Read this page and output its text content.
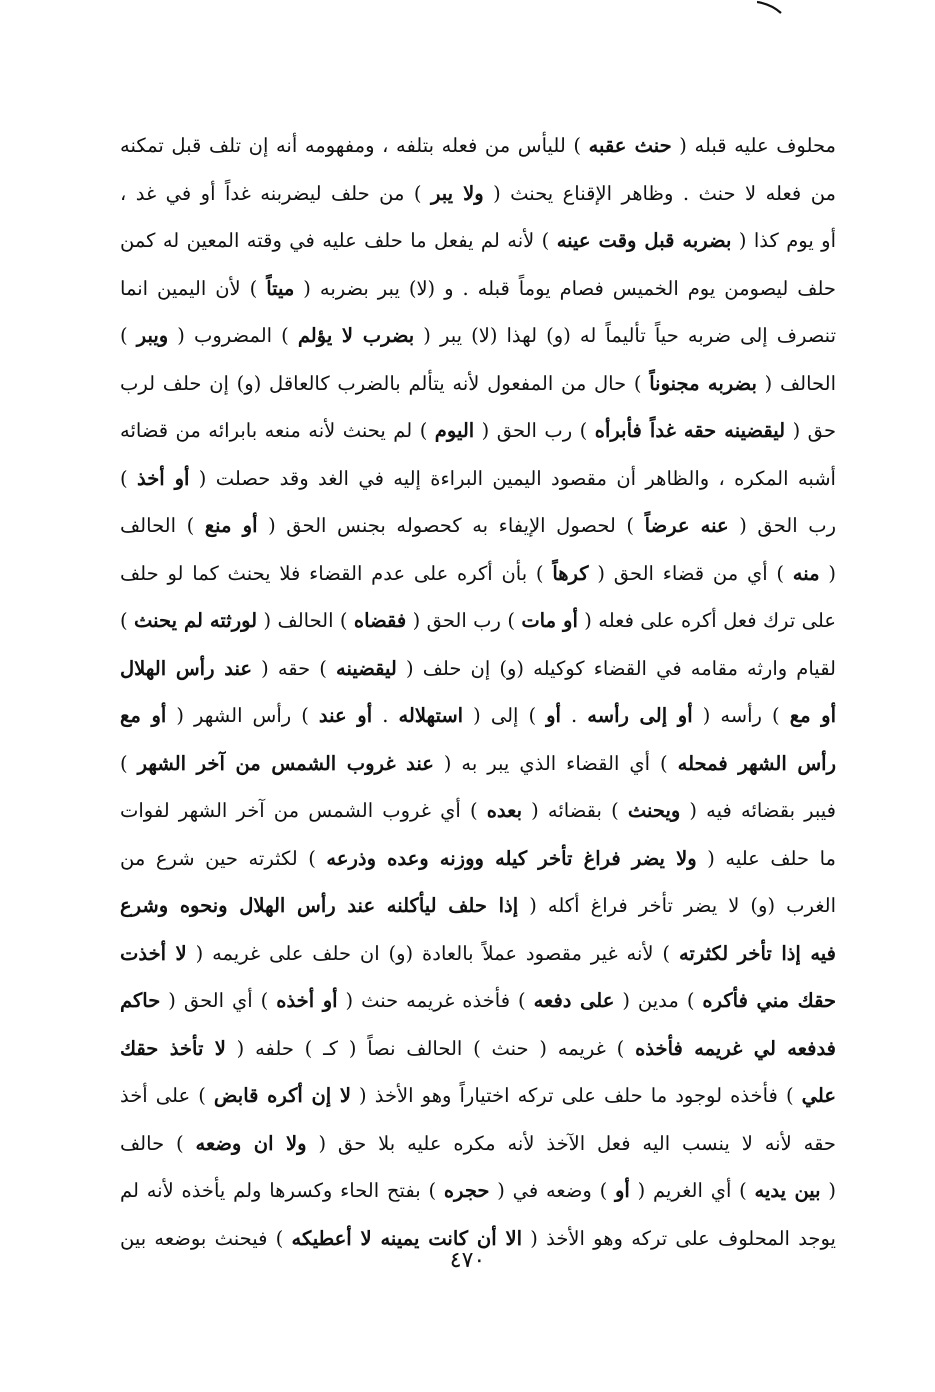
محلوف عليه قبله ( حنث عقبه ) لليأس من فعله بتلفه ، ومفهومه أنه إن تلف قبل تمكنه
من فعله لا حنث . وظاهر الإقناع يحنث ( ولا يبر ) من حلف ليضربنه غداً أو في غد ،
أو يوم كذا ( بضربه قبل وقت عينه ) لأنه لم يفعل ما حلف عليه في وقته المعين له كمن
حلف ليصومن يوم الخميس فصام يوماً قبله . و (لا) يبر بضربه ( ميتاً ) لأن اليمين انما
تنصرف إلى ضربه حياً تأليماً له (و) لهذا (لا) يبر ( بضرب لا يؤلم ) المضروب ( ويبر )
الحالف ( بضربه مجنوناً ) حال من المفعول لأنه يتألم بالضرب كالعاقل (و) إن حلف لرب
حق ( ليقضينه حقه غداً فأبرأه ) رب الحق ( اليوم ) لم يحنث لأنه منعه بابرائه من قضائه
أشبه المكره ، والظاهر أن مقصود اليمين البراءة إليه في الغد وقد حصلت ( أو أخذ )
رب الحق ( عنه عرضاً ) لحصول الإيفاء به كحصوله بجنس الحق ( أو منع ) الحالف
( منه ) أي من قضاء الحق ( كرهاً ) بأن أكره على عدم القضاء فلا يحنث كما لو حلف
على ترك فعل أكره على فعله ( أو مات ) رب الحق ( فقضاه ) الحالف ( لورثته لم يحنث )
لقيام وارثه مقامه في القضاء كوكيله (و) إن حلف ( ليقضينه ) حقه ( عند رأس الهلال
أو مع ) رأسه ( أو إلى رأسه . أو ) إلى ( استهلاله . أو عند ) رأس الشهر ( أو مع
رأس الشهر فمحله ) أي القضاء الذي يبر به ( عند غروب الشمس من آخر الشهر )
فيبر بقضائه فيه ( ويحنث ) بقضائه ( بعده ) أي غروب الشمس من آخر الشهر لفوات
ما حلف عليه ( ولا يضر فراغ تأخر كيله ووزنه وعده وذرعه ) لكثرته حين شرع من
الغرب (و) لا يضر تأخر فراغ أكله ( إذا حلف ليأكلنه عند رأس الهلال ونحوه وشرع
فيه إذا تأخر لكثرته ) لأنه غير مقصود عملاً بالعادة (و) ان حلف على غريمه ( لا أخذت
حقك مني فأكره ) مدين ( على دفعه ) فأخذه غريمه حنث ( أو أخذه ) أي الحق ( حاكم
فدفعه لي غريمه فأخذه ) غريمه ( حنث ) الحالف نصاً ( كـ ) حلفه ( لا تأخذ حقك
علي ) فأخذه لوجود ما حلف على تركه اختياراً وهو الأخذ ( لا إن أكره قابض ) على أخذ
حقه لأنه لا ينسب اليه فعل الآخذ لأنه مكره عليه بلا حق ( ولا ان وضعه ) حالف
( بين يديه ) أي الغريم ( أو ) وضعه في ( حجره ) بفتح الحاء وكسرها ولم يأخذه لأنه لم
يوجد المحلوف على تركه وهو الأخذ ( الا أن كانت يمينه لا أعطيكه ) فيحنث بوضعه بين
٤٧٠
